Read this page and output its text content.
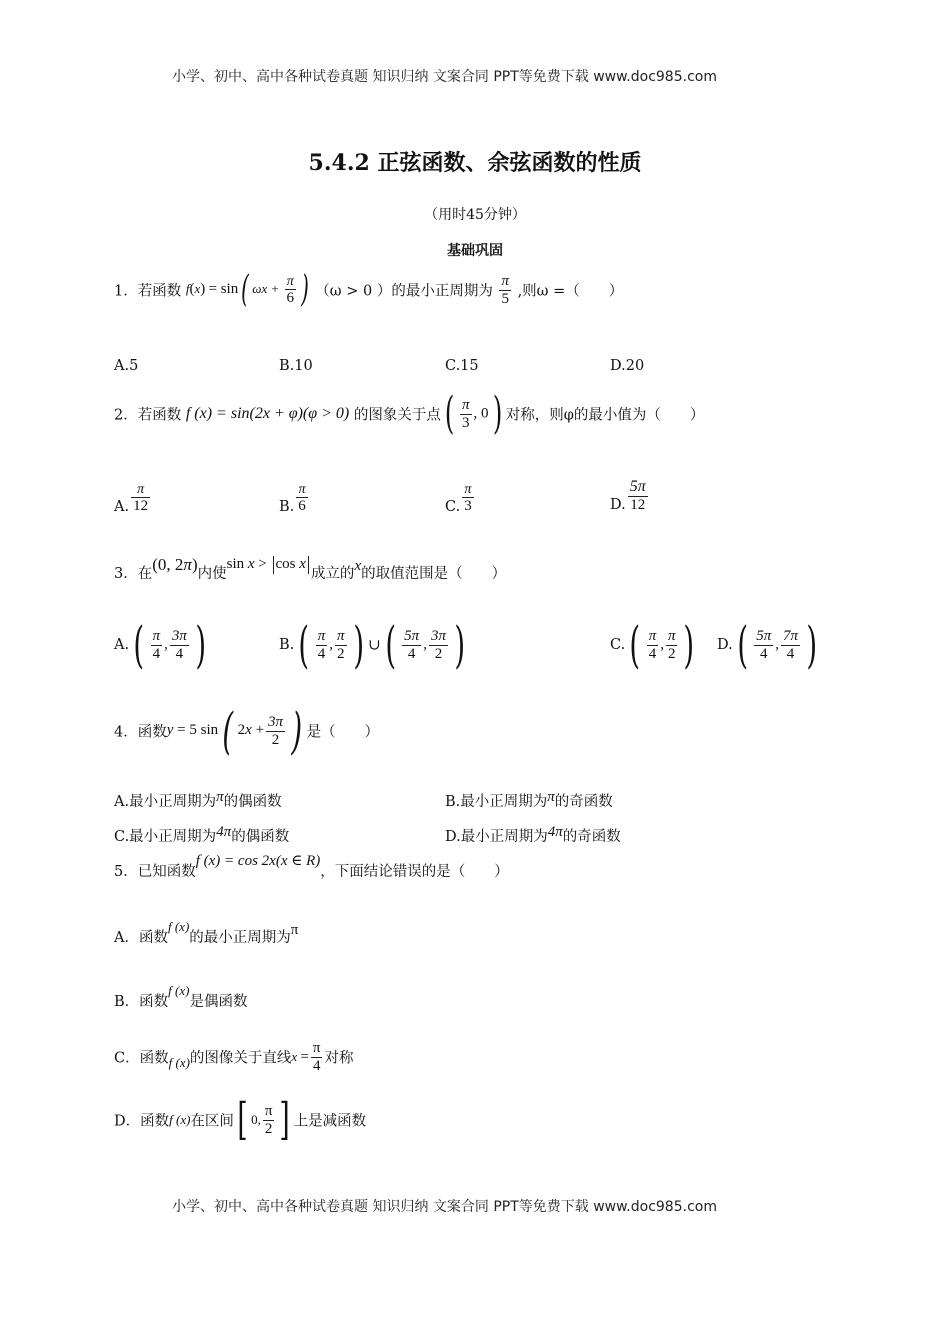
小学、初中、高中各种试卷真题 知识归纳 文案合同 PPT等免费下载 www.doc985.com
5.4.2 正弦函数、余弦函数的性质
（用时45分钟）
基础巩固
1．若函数 f(x) = sin( $\omega x + \frac{\pi}{6}$ ) （ω > 0 ）的最小正周期为 $\frac{\pi}{5}$ ,则ω =（　　）
A.5	B.10	C.15	D.20
2．若函数 f (x) = sin(2x + φ)(φ > 0) 的图象关于点( $\frac{\pi}{3}$ , 0) 对称，则φ的最小值为（　　）
A. $\frac{\pi}{12}$	B. $\frac{\pi}{6}$	C. $\frac{\pi}{3}$	D. $\frac{5\pi}{12}$
3．在(0, 2π)内使sin x > cos x成立的x的取值范围是（　　）
$A.( \frac{\pi}{4}$ , $\frac{3\pi}{4}$ )	$B.( \frac{\pi}{4}$ , $\frac{\pi}{2}$ ) ∪( $\frac{5\pi}{4}$ , $\frac{3\pi}{2}$ )	$C.( \frac{\pi}{4}$ , $\frac{\pi}{2}$ )	$D.( \frac{5\pi}{4}$ , $\frac{7\pi}{4}$ )
4．函数y = 5 sin( $2x + \frac{3\pi}{2}$ ) 是（　　）
A.最小正周期为π的偶函数	B.最小正周期为π的奇函数
C.最小正周期为4π的偶函数	D.最小正周期为4π的奇函数
5．已知函数f (x) = cos 2x(x ∈ R)，下面结论错误的是（　　）
A．函数f (x)的最小正周期为π
B．函数f (x)是偶函数
C．函数f (x)的图像关于直线$x = \frac{\pi}{4}$ 对称
D．函数f (x)在区间[ 0, $\frac{\pi}{2}$ ] 上是减函数
小学、初中、高中各种试卷真题 知识归纳 文案合同 PPT等免费下载 www.doc985.com
